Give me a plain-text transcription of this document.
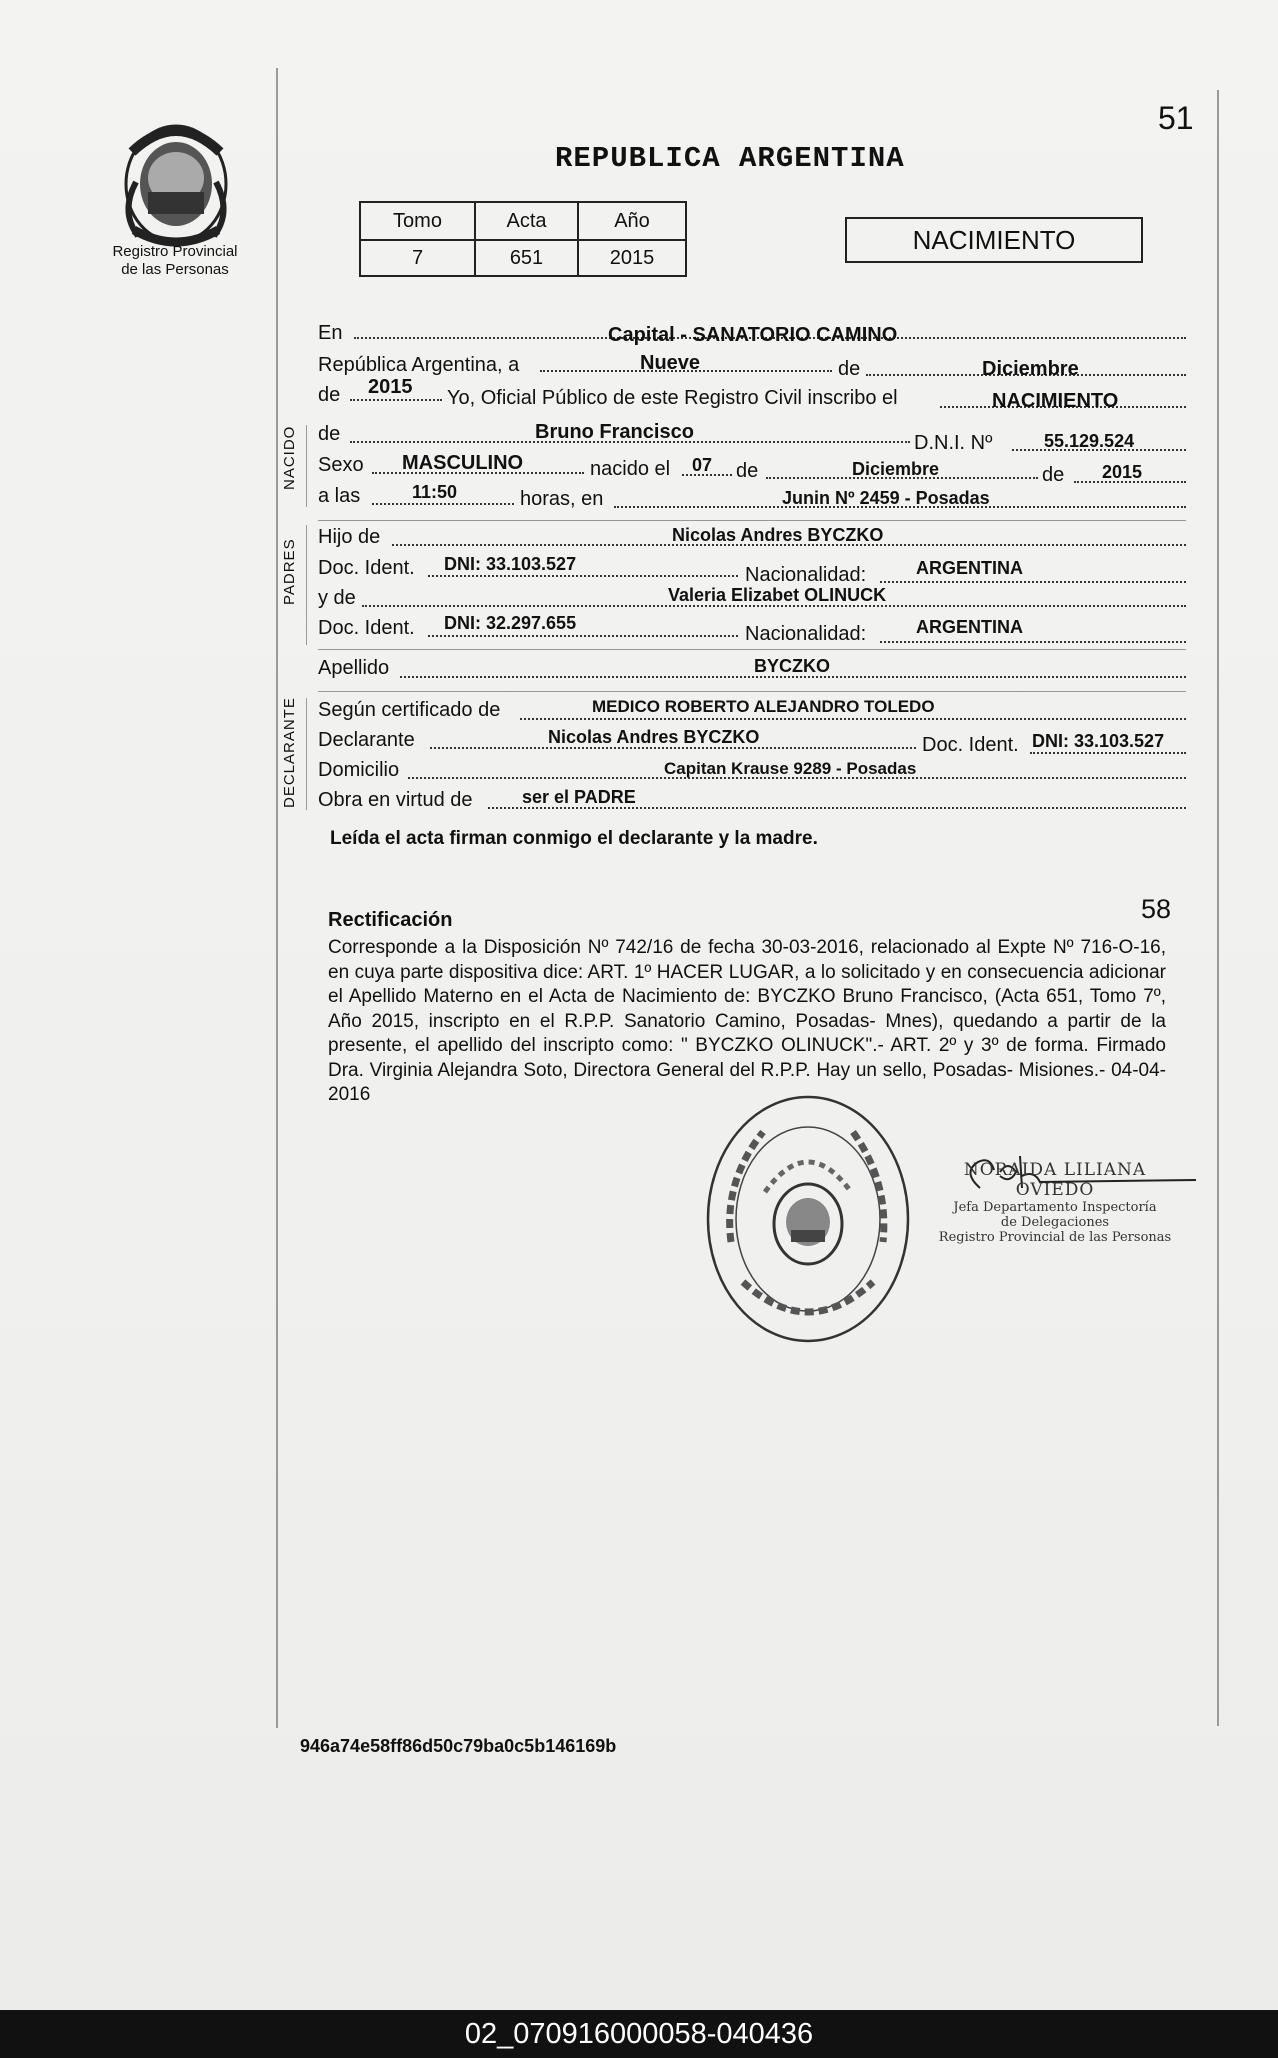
Registro Provincial
de las Personas
51
REPUBLICA ARGENTINA
Tomo	Acta	Año
7	651	2015
NACIMIENTO
En	Capital - SANATORIO CAMINO
República Argentina, a	Nueve	de	Diciembre
de 2015 Yo, Oficial Público de este Registro Civil inscribo el	NACIMIENTO
NACIDO de	Bruno Francisco	D.N.I. Nº	55.129.524
Sexo MASCULINO	nacido el 07 de	Diciembre	de 2015
a las	11:50	horas, en	Junin Nº 2459 - Posadas
PADRES
Hijo de	Nicolas Andres BYCZKO
Doc. Ident. DNI: 33.103.527	Nacionalidad:	ARGENTINA
y de	Valeria Elizabet OLINUCK
Doc. Ident. DNI: 32.297.655	Nacionalidad:	ARGENTINA
Apellido	BYCZKO
DECLARANTE Según certificado de	MEDICO ROBERTO ALEJANDRO TOLEDO
Declarante	Nicolas Andres BYCZKO	Doc. Ident. DNI: 33.103.527
Domicilio	Capitan Krause 9289 - Posadas
Obra en virtud de	ser el PADRE
Leída el acta firman conmigo el declarante y la madre.
Rectificación	58
Corresponde a la Disposición Nº 742/16 de fecha 30-03-2016, relacionado al Expte Nº 716-O-16, en cuya parte dispositiva dice: ART. 1º HACER LUGAR, a lo solicitado y en consecuencia adicionar el Apellido Materno en el Acta de Nacimiento de: BYCZKO Bruno Francisco, (Acta 651, Tomo 7º, Año 2015, inscripto en el R.P.P. Sanatorio Camino, Posadas- Mnes), quedando a partir de la presente, el apellido del inscripto como: " BYCZKO OLINUCK".- ART. 2º y 3º de forma. Firmado Dra. Virginia Alejandra Soto, Directora General del R.P.P. Hay un sello, Posadas- Misiones.- 04-04-2016
NORAIDA LILIANA OVIEDO
Jefa Departamento Inspectoría
de Delegaciones
Registro Provincial de las Personas
946a74e58ff86d50c79ba0c5b146169b
02_070916000058-040436
